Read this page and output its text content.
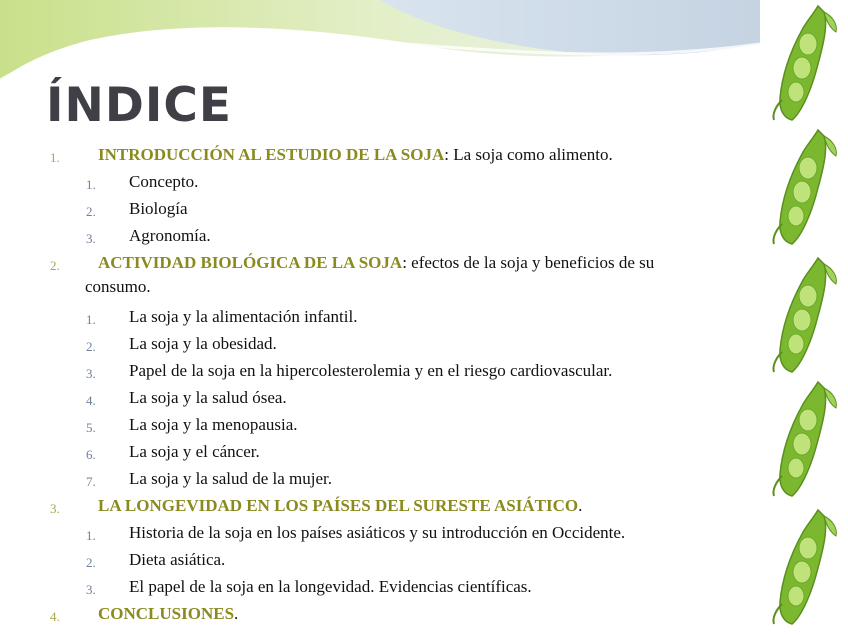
ÍNDICE
1. INTRODUCCIÓN AL ESTUDIO DE LA SOJA: La soja como alimento.
1. Concepto.
2. Biología
3. Agronomía.
2. ACTIVIDAD BIOLÓGICA DE LA SOJA: efectos de la soja y beneficios de su
consumo.
1. La soja y la alimentación infantil.
2. La soja y la obesidad.
3. Papel de la soja en la hipercolesterolemia y en el riesgo cardiovascular.
4. La soja y la salud ósea.
5. La soja y la menopausia.
6. La soja y el cáncer.
7. La soja y la salud de la mujer.
3. LA LONGEVIDAD EN LOS PAÍSES DEL SURESTE ASIÁTICO.
1. Historia de la soja en los países asiáticos y su introducción en Occidente.
2. Dieta asiática.
3. El papel de la soja en la longevidad. Evidencias científicas.
4. CONCLUSIONES.
